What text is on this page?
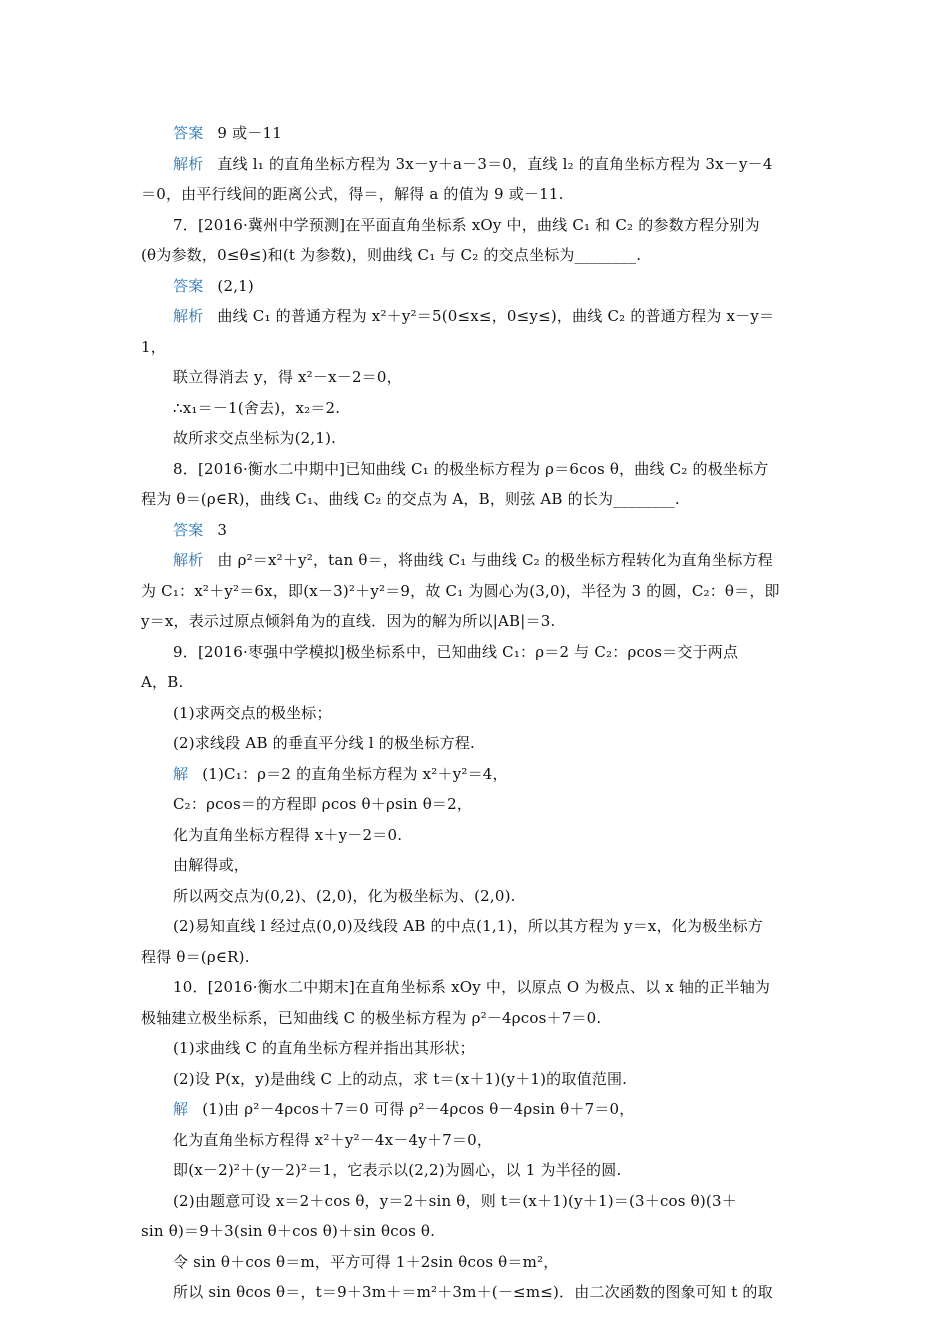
答案 9 或－11
解析 直线 l₁ 的直角坐标方程为 3x－y＋a－3＝0，直线 l₂ 的直角坐标方程为 3x－y－4
＝0，由平行线间的距离公式，得＝，解得 a 的值为 9 或－11.
7．[2016·冀州中学预测]在平面直角坐标系 xOy 中，曲线 C₁ 和 C₂ 的参数方程分别为
(θ为参数，0≤θ≤)和(t 为参数)，则曲线 C₁ 与 C₂ 的交点坐标为________.
答案 (2,1)
解析 曲线 C₁ 的普通方程为 x²＋y²＝5(0≤x≤，0≤y≤)，曲线 C₂ 的普通方程为 x－y＝
1，
联立得消去 y，得 x²－x－2＝0，
∴x₁＝－1(舍去)，x₂＝2.
故所求交点坐标为(2,1).
8．[2016·衡水二中期中]已知曲线 C₁ 的极坐标方程为 ρ＝6cos θ，曲线 C₂ 的极坐标方
程为 θ＝(ρ∈R)，曲线 C₁、曲线 C₂ 的交点为 A，B，则弦 AB 的长为________.
答案 3
解析 由 ρ²＝x²＋y²，tan θ＝，将曲线 C₁ 与曲线 C₂ 的极坐标方程转化为直角坐标方程
为 C₁：x²＋y²＝6x，即(x－3)²＋y²＝9，故 C₁ 为圆心为(3,0)，半径为 3 的圆，C₂：θ＝，即
y＝x，表示过原点倾斜角为的直线．因为的解为所以|AB|＝3.
9．[2016·枣强中学模拟]极坐标系中，已知曲线 C₁：ρ＝2 与 C₂：ρcos＝交于两点
A，B.
(1)求两交点的极坐标；
(2)求线段 AB 的垂直平分线 l 的极坐标方程.
解 (1)C₁：ρ＝2 的直角坐标方程为 x²＋y²＝4，
C₂：ρcos＝的方程即 ρcos θ＋ρsin θ＝2，
化为直角坐标方程得 x＋y－2＝0.
由解得或，
所以两交点为(0,2)、(2,0)，化为极坐标为、(2,0).
(2)易知直线 l 经过点(0,0)及线段 AB 的中点(1,1)，所以其方程为 y＝x，化为极坐标方
程得 θ＝(ρ∈R).
10．[2016·衡水二中期末]在直角坐标系 xOy 中，以原点 O 为极点、以 x 轴的正半轴为
极轴建立极坐标系，已知曲线 C 的极坐标方程为 ρ²－4ρcos＋7＝0.
(1)求曲线 C 的直角坐标方程并指出其形状；
(2)设 P(x，y)是曲线 C 上的动点，求 t＝(x＋1)(y＋1)的取值范围.
解 (1)由 ρ²－4ρcos＋7＝0 可得 ρ²－4ρcos θ－4ρsin θ＋7＝0，
化为直角坐标方程得 x²＋y²－4x－4y＋7＝0，
即(x－2)²＋(y－2)²＝1，它表示以(2,2)为圆心，以 1 为半径的圆.
(2)由题意可设 x＝2＋cos θ，y＝2＋sin θ，则 t＝(x＋1)(y＋1)＝(3＋cos θ)(3＋
sin θ)＝9＋3(sin θ＋cos θ)＋sin θcos θ.
令 sin θ＋cos θ＝m，平方可得 1＋2sin θcos θ＝m²，
所以 sin θcos θ＝，t＝9＋3m＋＝m²＋3m＋(－≤m≤)．由二次函数的图象可知 t 的取
